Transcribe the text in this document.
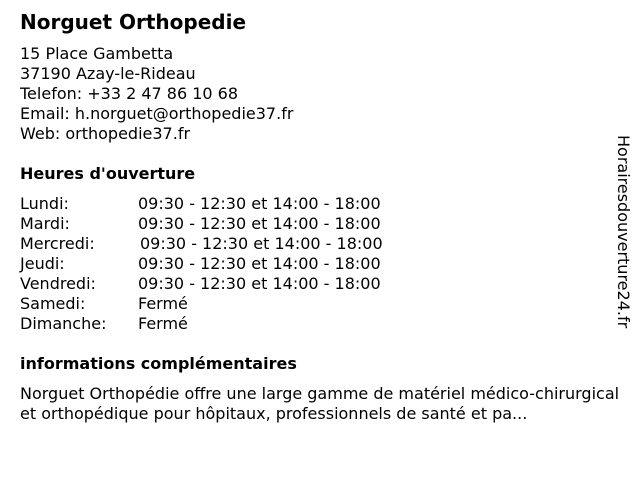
Norguet Orthopedie
15 Place Gambetta
37190 Azay-le-Rideau
Telefon: +33 2 47 86 10 68
Email: h.norguet@orthopedie37.fr
Web: orthopedie37.fr
Heures d'ouverture
Lundi:	09:30 - 12:30 et 14:00 - 18:00
Mardi:	09:30 - 12:30 et 14:00 - 18:00
Mercredi:	09:30 - 12:30 et 14:00 - 18:00
Jeudi:	09:30 - 12:30 et 14:00 - 18:00
Vendredi:	09:30 - 12:30 et 14:00 - 18:00
Samedi:	Fermé
Dimanche: Fermé
informations complémentaires
Norguet Orthopédie offre une large gamme de matériel médico-chirurgical et orthopédique pour hôpitaux, professionnels de santé et pa...
Horairesdouverture24.fr
